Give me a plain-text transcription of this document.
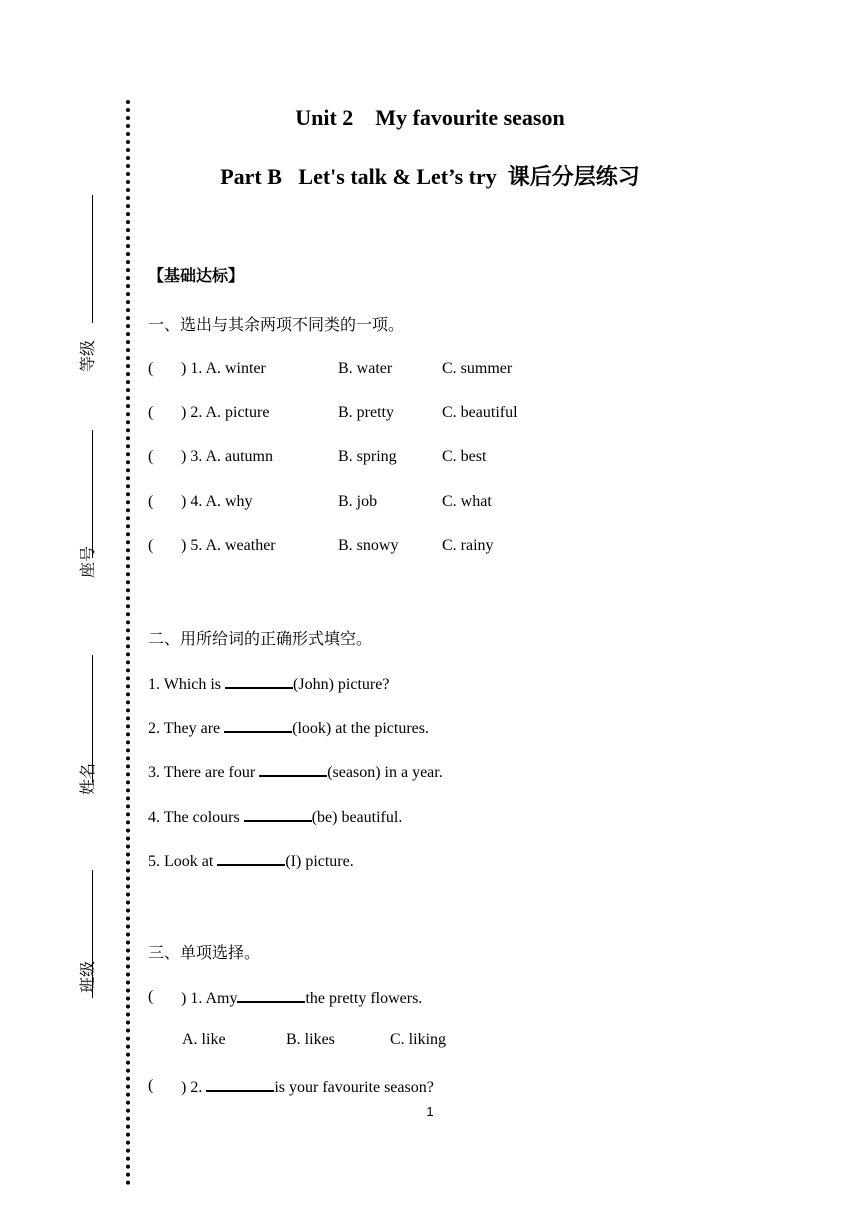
等级
座号
姓名
班级
Unit 2    My favourite season
Part B   Let's talk & Let’s try  课后分层练习
【基础达标】
一、选出与其余两项不同类的一项。
( ) 1. A. winter	B. water	C. summer
( ) 2. A. picture	B. pretty	C. beautiful
( ) 3. A. autumn	B. spring	C. best
( ) 4. A. why	B. job	C. what
( ) 5. A. weather	B. snowy	C. rainy
二、用所给词的正确形式填空。
1. Which is	(John) picture?
2. They are	(look) at the pictures.
3. There are four	(season) in a year.
4. The colours	(be) beautiful.
5. Look at	(I) picture.
三、单项选择。
( ) 1. Amy	the pretty flowers.
A. like	B. likes	C. liking
( ) 2.	is your favourite season?
1
